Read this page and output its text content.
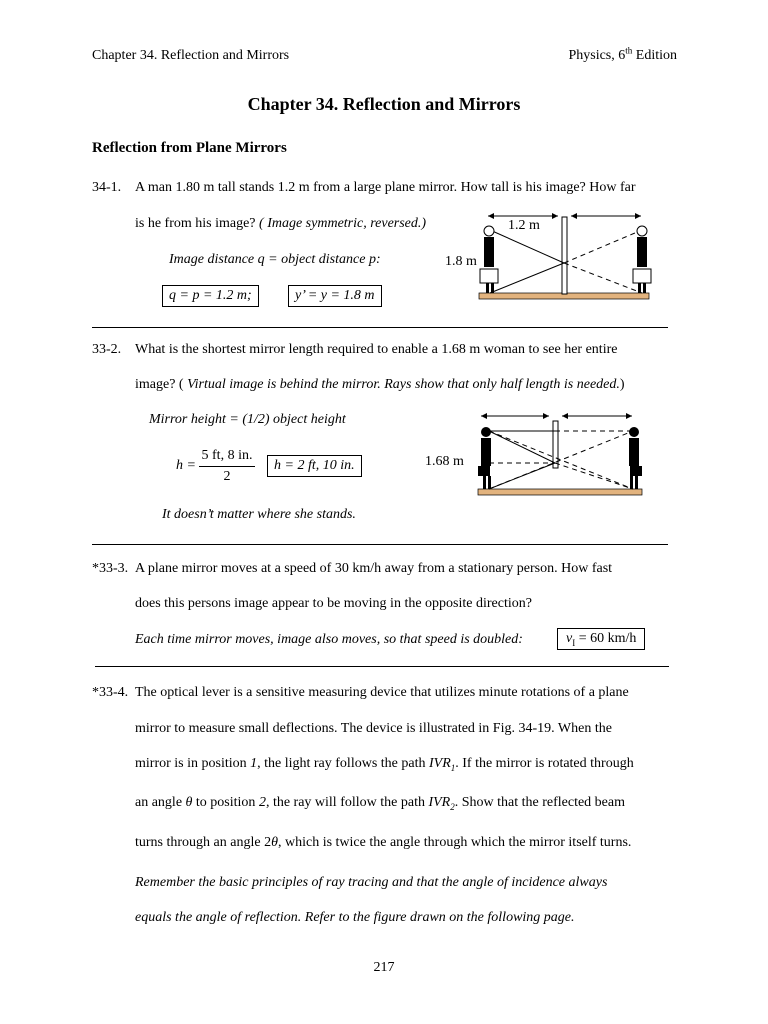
Chapter 34. Reflection and Mirrors	Physics, 6th Edition
Chapter 34. Reflection and Mirrors
Reflection from Plane Mirrors
34-1. A man 1.80 m tall stands 1.2 m from a large plane mirror. How tall is his image? How far
is he from his image? ( Image symmetric, reversed.)
Image distance q = object distance p:
q = p = 1.2 m;	y’ = y = 1.8 m
1.2 m
1.8 m
33-2. What is the shortest mirror length required to enable a 1.68 m woman to see her entire
image? ( Virtual image is behind the mirror. Rays show that only half length is needed.)
Mirror height = (1/2) object height
h =
5 ft, 8 in.
2
h = 2 ft, 10 in.	1.68 m
It doesn’t matter where she stands.
*33-3. A plane mirror moves at a speed of 30 km/h away from a stationary person. How fast
does this persons image appear to be moving in the opposite direction?
Each time mirror moves, image also moves, so that speed is doubled:	$v_I = 60$ km/h
*33-4. The optical lever is a sensitive measuring device that utilizes minute rotations of a plane
mirror to measure small deflections. The device is illustrated in Fig. 34-19. When the
mirror is in position 1, the light ray follows the path $IVR_1$. If the mirror is rotated through
an angle θ to position 2, the ray will follow the path $IVR_2$. Show that the reflected beam
turns through an angle 2θ, which is twice the angle through which the mirror itself turns.
Remember the basic principles of ray tracing and that the angle of incidence always
equals the angle of reflection. Refer to the figure drawn on the following page.
217
